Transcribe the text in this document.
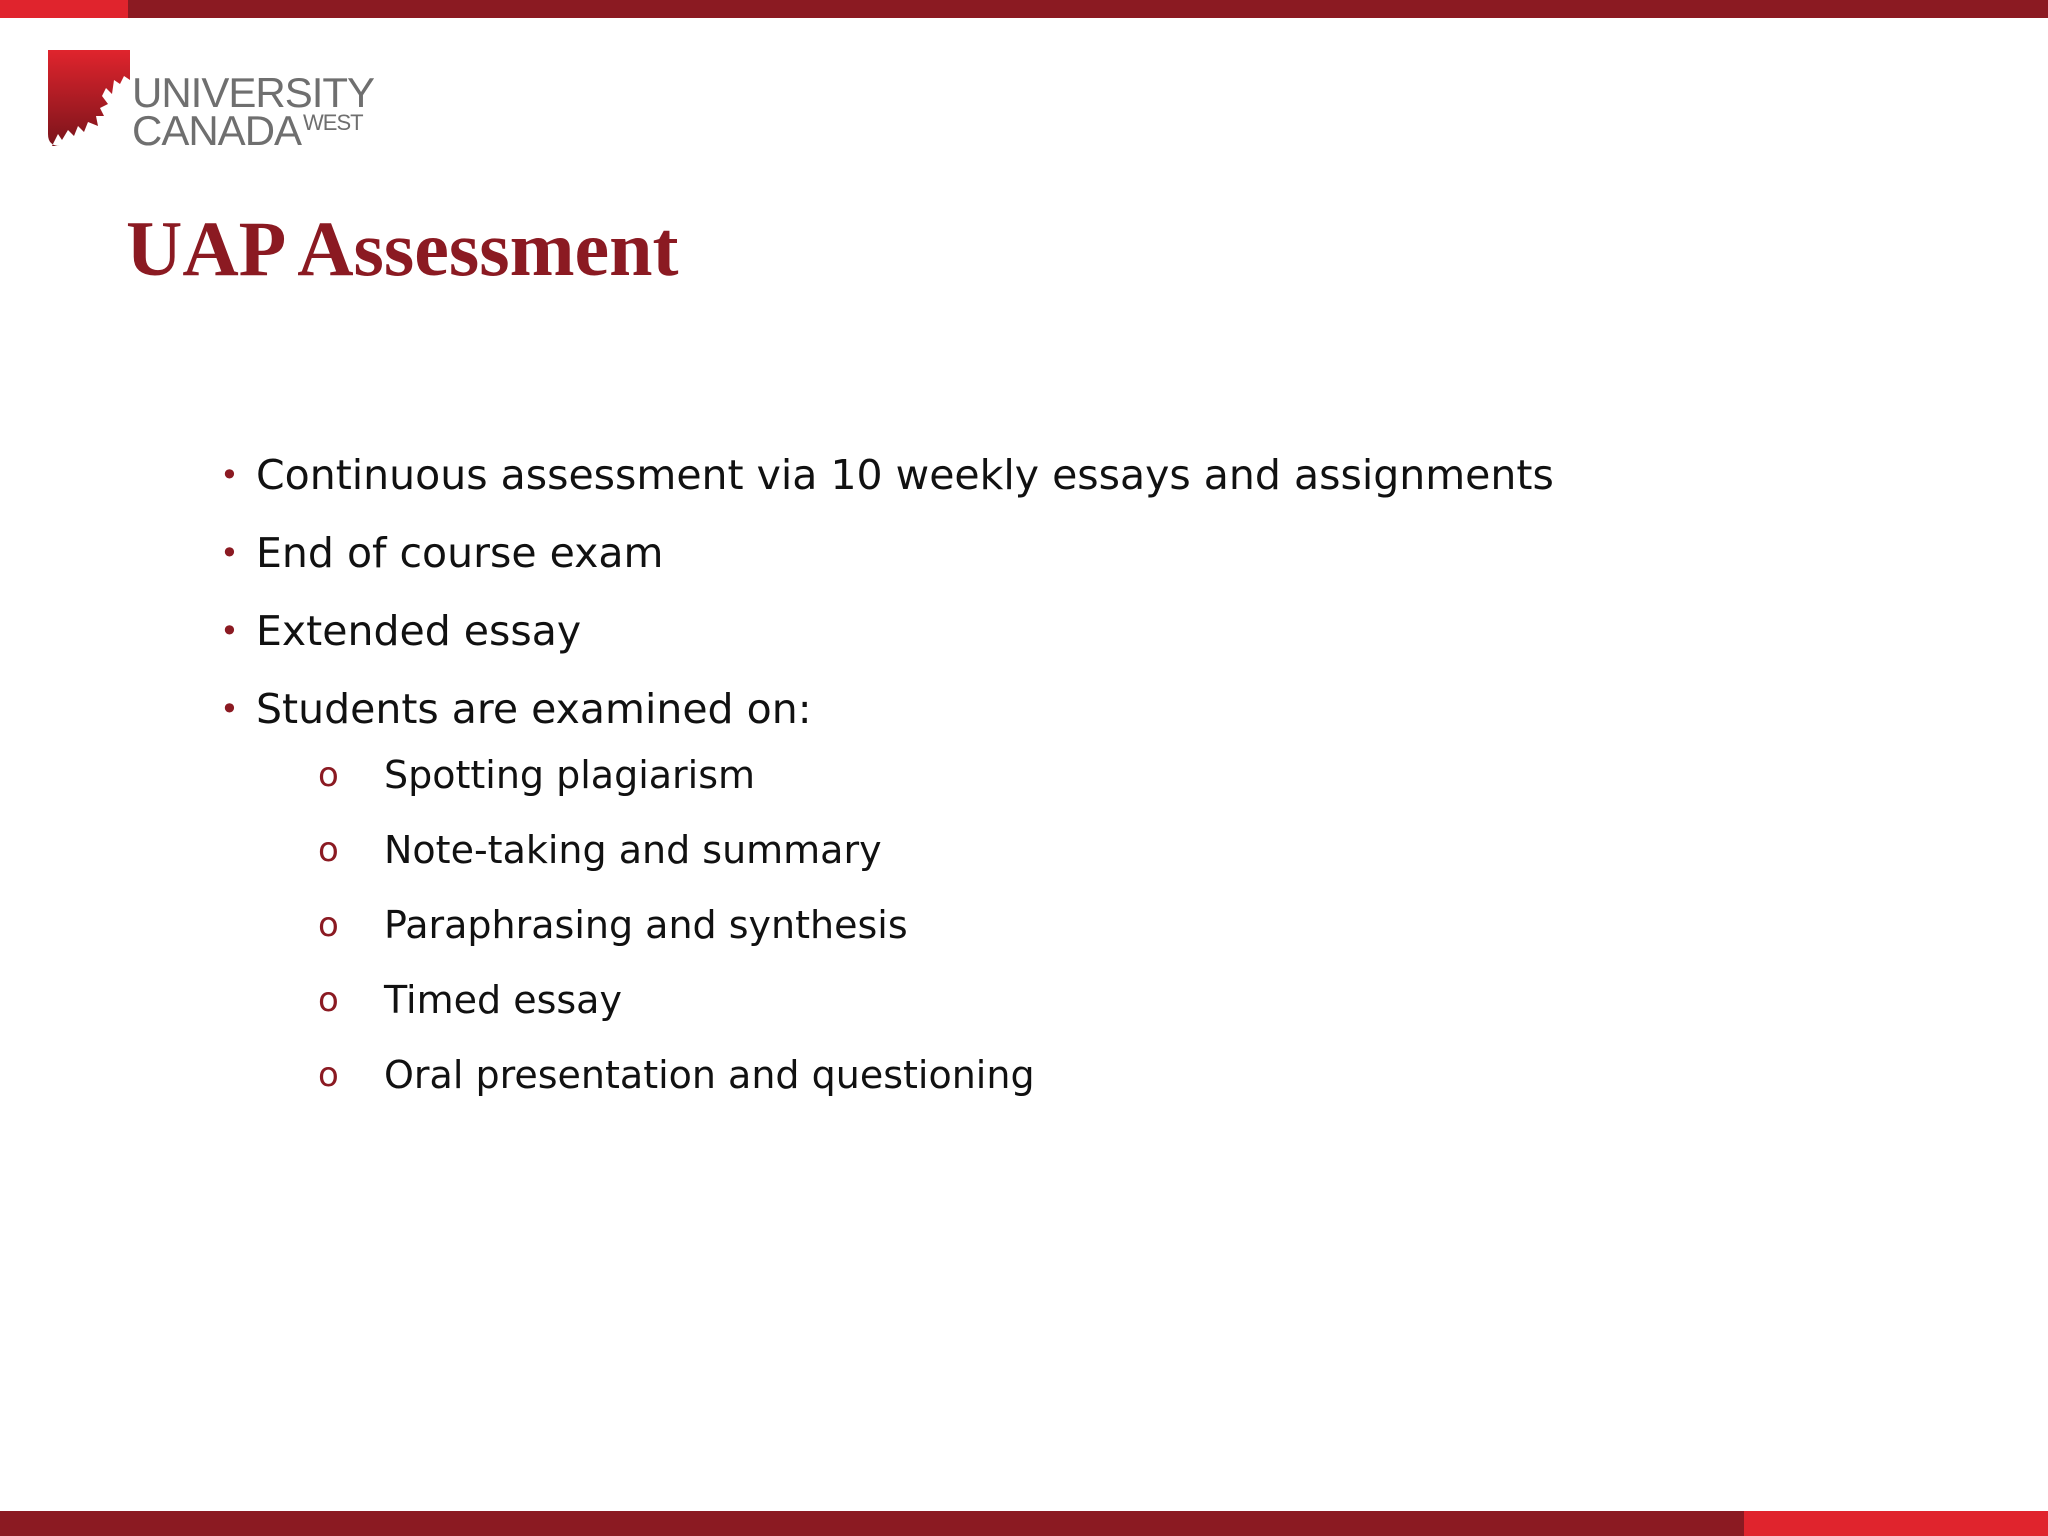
UNIVERSITY
$CANADA^{WEST}$
UAP Assessment
• Continuous assessment via 10 weekly essays and assignments
• End of course exam
• Extended essay
• Students are examined on:
o Spotting plagiarism
o Note-taking and summary
o Paraphrasing and synthesis
o Timed essay
o Oral presentation and questioning
